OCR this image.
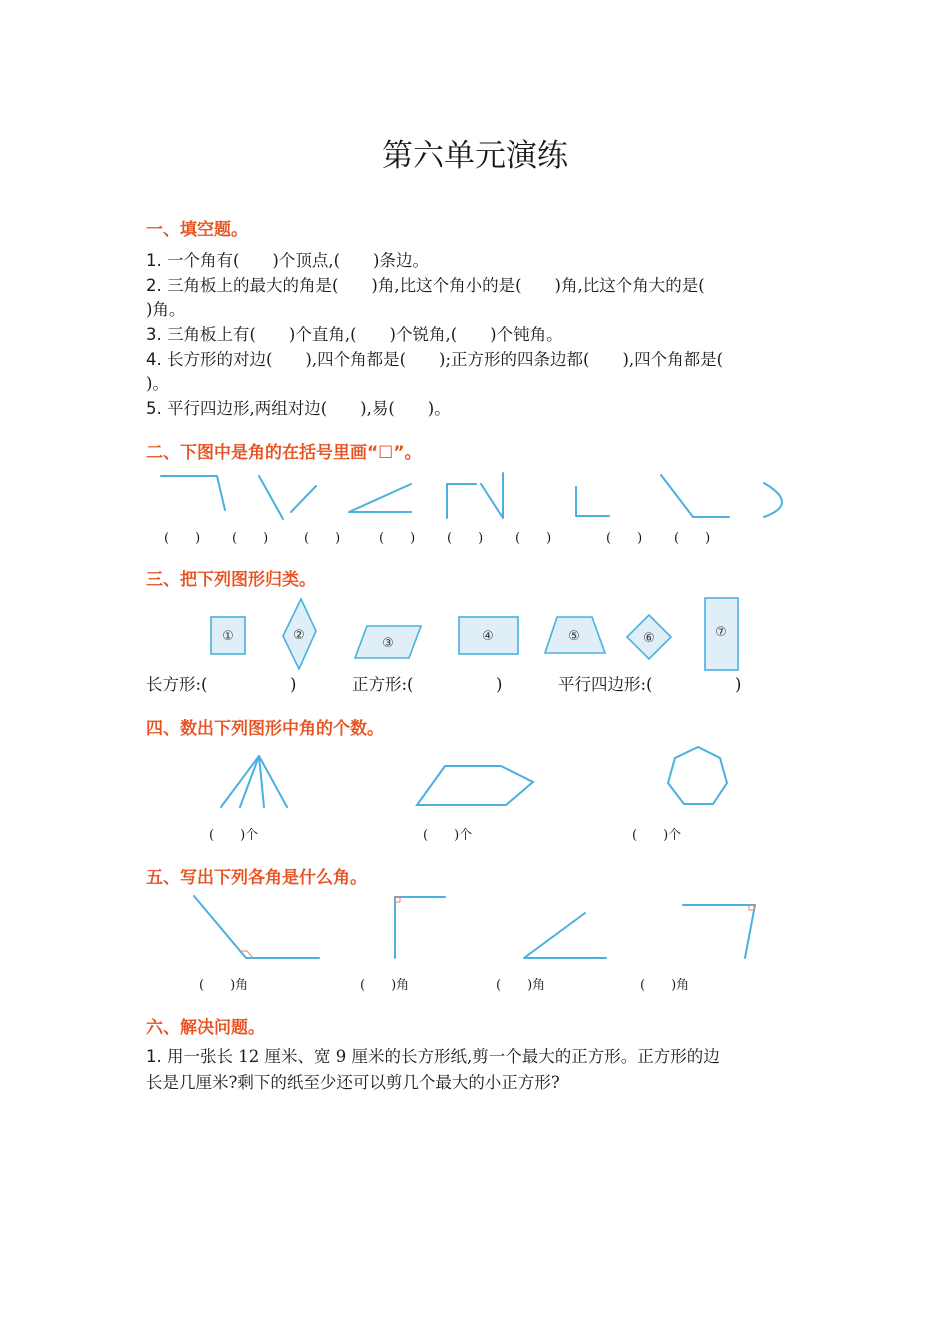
第六单元演练
一、填空题。
1. 一个角有(　　)个顶点,(　　)条边。
2. 三角板上的最大的角是(　　)角,比这个角小的是(　　)角,比这个角大的是(
)角。
3. 三角板上有(　　)个直角,(　　)个锐角,(　　)个钝角。
4. 长方形的对边(　　),四个角都是(　　);正方形的四条边都(　　),四个角都是(
)。
5. 平行四边形,两组对边(　　),易(　　)。
二、下图中是角的在括号里画“☐”。
(　　) (　　)	(　　)	(　　) (　　) (　　)	(　　) (　　)
三、把下列图形归类。
①	②
③	④	⑤	⑥	⑦
长方形:(　　　　　)	正方形:(　　　　　)	平行四边形:(　　　　　)
四、数出下列图形中角的个数。
(　　)个	(　　)个	(　　)个
五、写出下列各角是什么角。
(　　)角	(　　)角	(　　)角	(　　)角
六、解决问题。
1. 用一张长 12 厘米、宽 9 厘米的长方形纸,剪一个最大的正方形。正方形的边
长是几厘米?剩下的纸至少还可以剪几个最大的小正方形?
